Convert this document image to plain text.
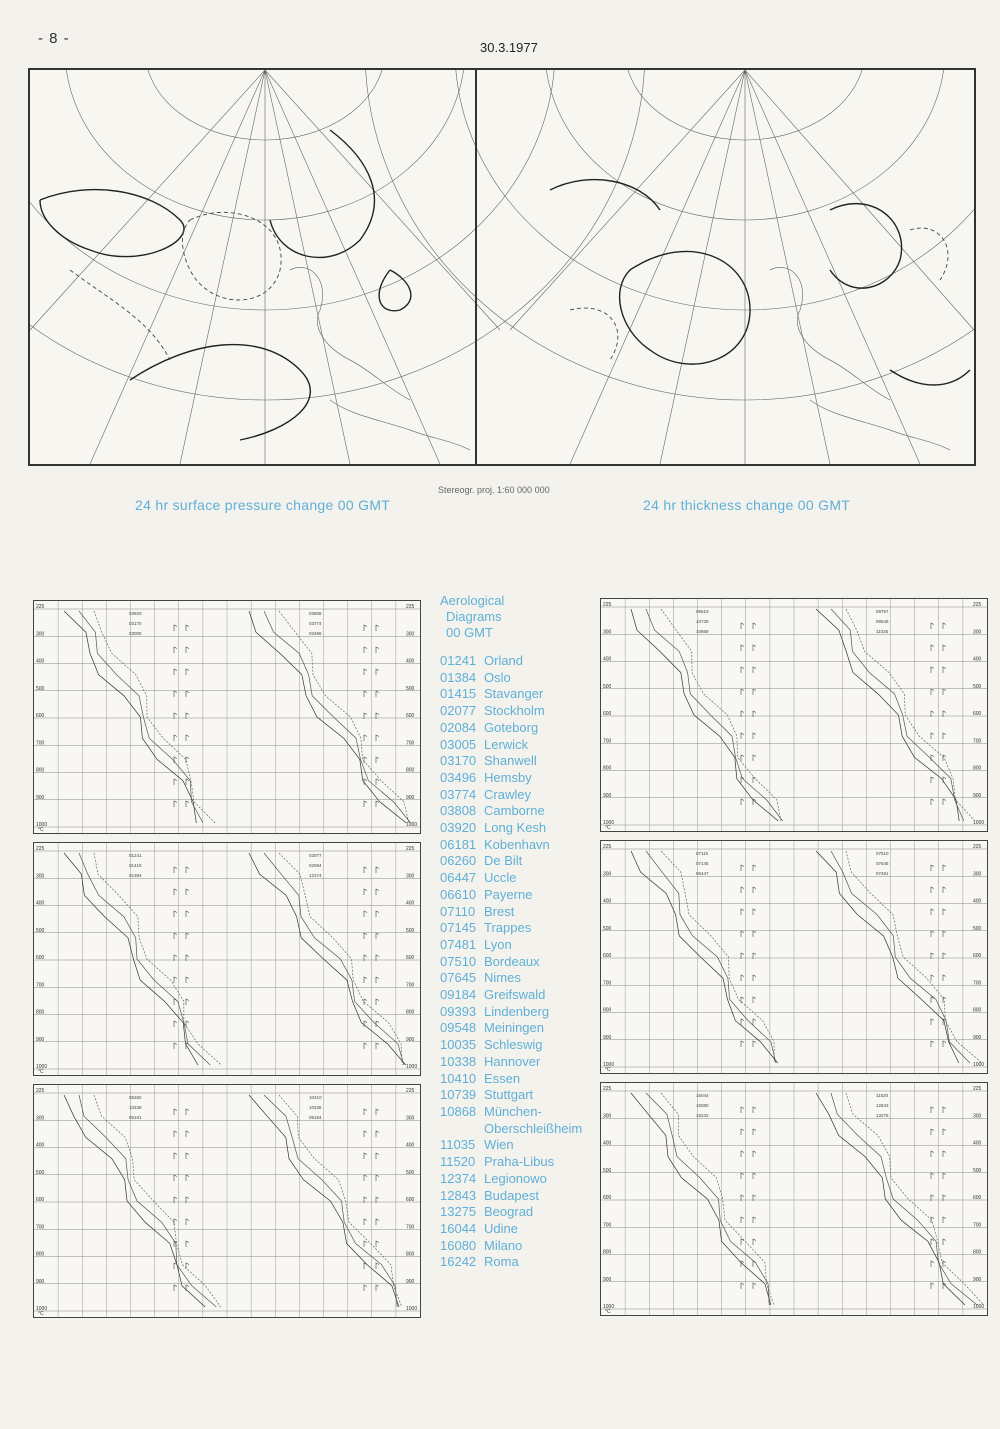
- 8 -
30.3.1977
24 hr surface pressure change 00 GMT
Stereogr. proj. 1:60 000 000
24 hr thickness change 00 GMT
225	225
300	300
400	400
500	500
600	600
700	700
800	800
900	900
1000	1000
03920
03170
03005
03808
03774
03496
°C
225	225
300	300
400	400
500	500
600	600
700	700
800	800
900	900
1000	1000
01241
01415
01384
02077
02084
12374
°C
225	225
300	300
400	400
500	500
600	600
700	700
800	800
900	900
1000	1000
06260
10338
06181
10410
10338
09184
°C
225	225
300	300
400	400
500	500
600	600
700	700
800	800
900	900
1000	1000
06610
10739
10868
09757
09548
11035
°C
225	225
300	300
400	400
500	500
600	600
700	700
800	800
900	900
1000	1000
07110
07145
06447
07510
07645
07481
°C
225	225
300	300
400	400
500	500
600	600
700	700
800	800
900	900
1000	1000
16044
16080
16242
11520
12843
13275
°C
Aerological
Diagrams
00 GMT
01241	Orland
01384	Oslo
01415	Stavanger
02077	Stockholm
02084	Goteborg
03005	Lerwick
03170	Shanwell
03496	Hemsby
03774	Crawley
03808	Camborne
03920	Long Kesh
06181	Kobenhavn
06260	De Bilt
06447	Uccle
06610	Payerne
07110	Brest
07145	Trappes
07481	Lyon
07510	Bordeaux
07645	Nimes
09184	Greifswald
09393	Lindenberg
09548	Meiningen
10035	Schleswig
10338	Hannover
10410	Essen
10739	Stuttgart
10868	München- Oberschleißheim
11035	Wien
11520	Praha-Libus
12374	Legionowo
12843	Budapest
13275	Beograd
16044	Udine
16080	Milano
16242	Roma
